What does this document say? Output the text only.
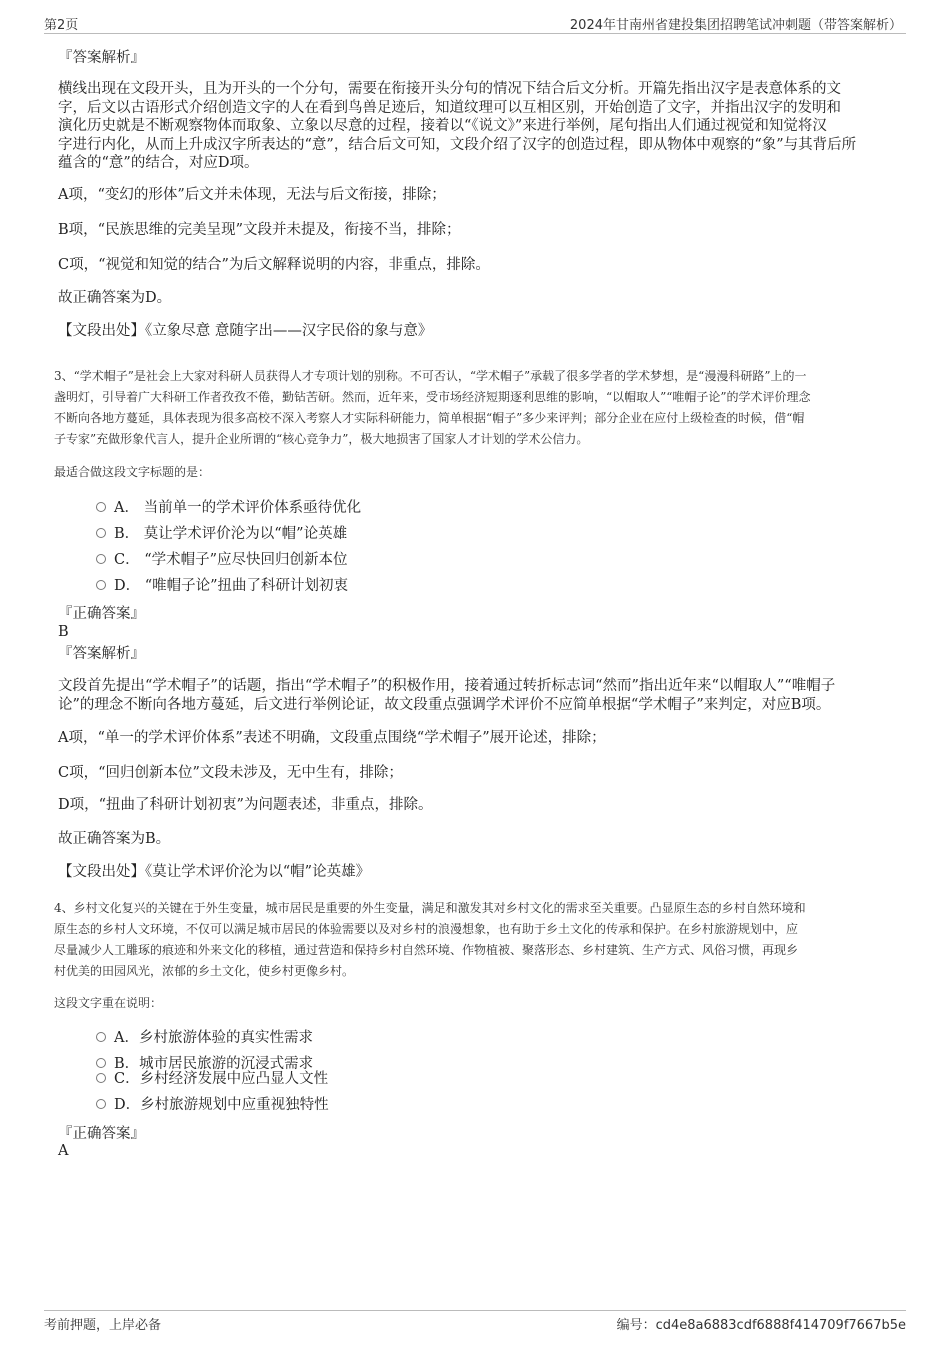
第2页	2024年甘南州省建投集团招聘笔试冲刺题（带答案解析）
『答案解析』
横线出现在文段开头，且为开头的一个分句，需要在衔接开头分句的情况下结合后文分析。开篇先指出汉字是表意体系的文
字，后文以古语形式介绍创造文字的人在看到鸟兽足迹后，知道纹理可以互相区别，开始创造了文字，并指出汉字的发明和
演化历史就是不断观察物体而取象、立象以尽意的过程，接着以“《说文》”来进行举例，尾句指出人们通过视觉和知觉将汉
字进行内化，从而上升成汉字所表达的“意”，结合后文可知，文段介绍了汉字的创造过程，即从物体中观察的“象”与其背后所
蕴含的“意”的结合，对应D项。
A项，“变幻的形体”后文并未体现，无法与后文衔接，排除；
B项，“民族思维的完美呈现”文段并未提及，衔接不当，排除；
C项，“视觉和知觉的结合”为后文解释说明的内容，非重点，排除。
故正确答案为D。
【文段出处】《立象尽意 意随字出——汉字民俗的象与意》
3、“学术帽子”是社会上大家对科研人员获得人才专项计划的别称。不可否认，“学术帽子”承载了很多学者的学术梦想，是“漫漫科研路”上的一
盏明灯，引导着广大科研工作者孜孜不倦，勤钻苦研。然而，近年来，受市场经济短期逐利思维的影响，“以帽取人”“唯帽子论”的学术评价理念
不断向各地方蔓延，具体表现为很多高校不深入考察人才实际科研能力，简单根据“帽子”多少来评判；部分企业在应付上级检查的时候，借“帽
子专家”充做形象代言人，提升企业所谓的“核心竞争力”，极大地损害了国家人才计划的学术公信力。
最适合做这段文字标题的是：
A． 当前单一的学术评价体系亟待优化
B． 莫让学术评价沦为以“帽”论英雄
C． “学术帽子”应尽快回归创新本位
D． “唯帽子论”扭曲了科研计划初衷
『正确答案』
B
『答案解析』
文段首先提出“学术帽子”的话题，指出“学术帽子”的积极作用，接着通过转折标志词“然而”指出近年来“以帽取人”“唯帽子
论”的理念不断向各地方蔓延，后文进行举例论证，故文段重点强调学术评价不应简单根据“学术帽子”来判定，对应B项。
A项，“单一的学术评价体系”表述不明确，文段重点围绕“学术帽子”展开论述，排除；
C项，“回归创新本位”文段未涉及，无中生有，排除；
D项，“扭曲了科研计划初衷”为问题表述，非重点，排除。
故正确答案为B。
【文段出处】《莫让学术评价沦为以“帽”论英雄》
4、乡村文化复兴的关键在于外生变量，城市居民是重要的外生变量，满足和激发其对乡村文化的需求至关重要。凸显原生态的乡村自然环境和
原生态的乡村人文环境，不仅可以满足城市居民的体验需要以及对乡村的浪漫想象，也有助于乡土文化的传承和保护。在乡村旅游规划中，应
尽量减少人工雕琢的痕迹和外来文化的移植，通过营造和保持乡村自然环境、作物植被、聚落形态、乡村建筑、生产方式、风俗习惯，再现乡
村优美的田园风光，浓郁的乡土文化，使乡村更像乡村。
这段文字重在说明：
A．乡村旅游体验的真实性需求
B．城市居民旅游的沉浸式需求
C．乡村经济发展中应凸显人文性
D．乡村旅游规划中应重视独特性
『正确答案』
A
考前押题，上岸必备	编号：cd4e8a6883cdf6888f414709f7667b5e
